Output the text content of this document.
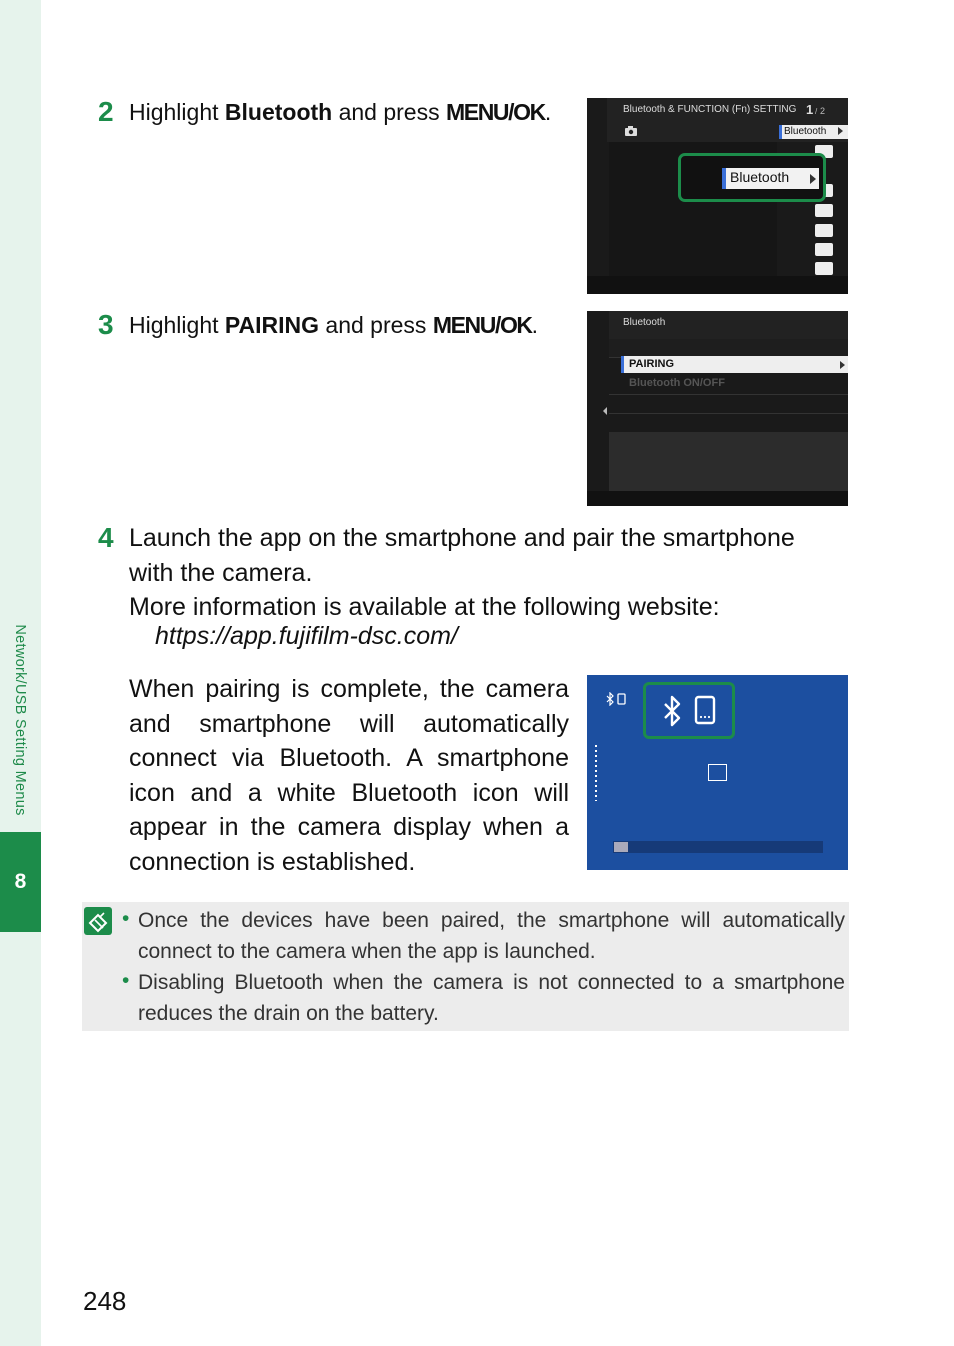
Network/USB Setting Menus
8
2 Highlight Bluetooth and press MENU/OK.	Bluetooth & FUNCTION (Fn) SETTING 1 / 2
Bluetooth
Bluetooth
3 Highlight PAIRING and press MENU/OK.	Bluetooth
PAIRING
Bluetooth ON/OFF
4 Launch the app on the smartphone and pair the smartphone
with the camera.
More information is available at the following website:
https://app.fujifilm-dsc.com/
When pairing is complete, the camera and smartphone will automatically connect via Bluetooth. A smartphone icon and a white Bluetooth icon will appear in the camera display when a connection is established.
• Once the devices have been paired, the smartphone will automatically connect to the camera when the app is launched.
• Disabling Bluetooth when the camera is not connected to a smartphone reduces the drain on the battery.
248
